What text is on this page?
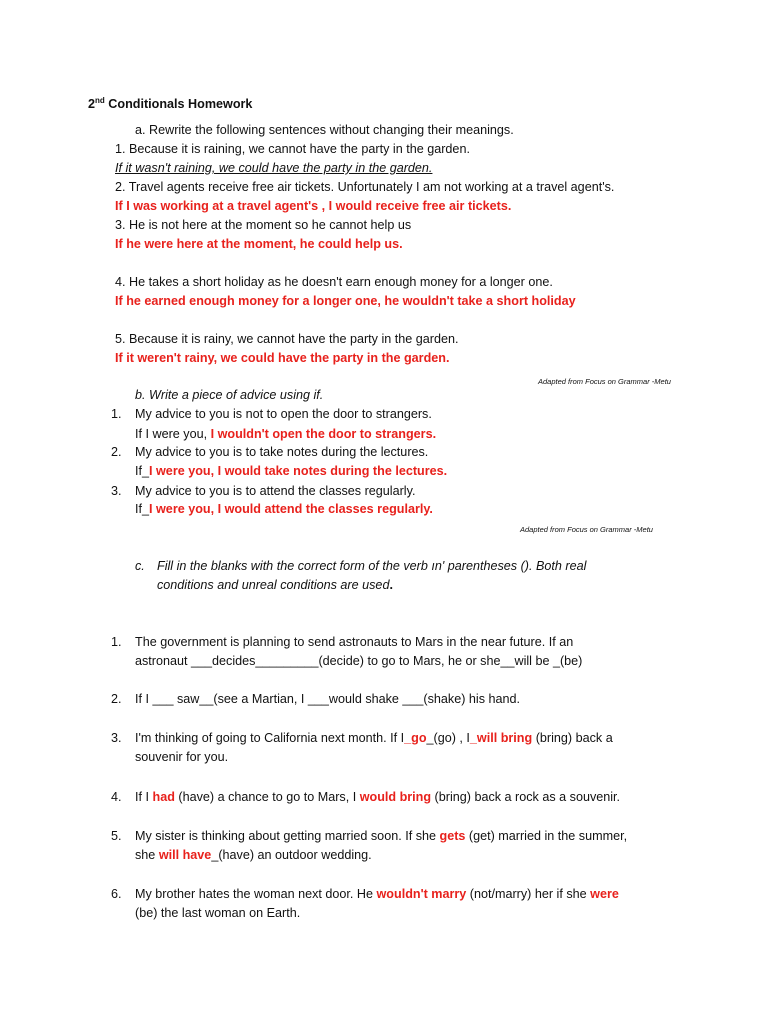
2nd Conditionals Homework
a. Rewrite the following sentences without changing their meanings.
1. Because it is raining, we cannot have the party in the garden.
If it wasn't raining, we could have the party in the garden.
2. Travel agents receive free air tickets. Unfortunately I am not working at a travel agent's.
If I was working at a travel agent's , I would receive free air tickets.
3. He is not here at the moment so he cannot help us
If he were here at the moment, he could help us.
4. He takes a short holiday as he doesn't earn enough money for a longer one.
If he earned enough money for a longer one, he wouldn't take a short holiday
5. Because it is rainy, we cannot have the party in the garden.
If it weren't rainy, we could have the party in the garden.
Adapted from Focus on Grammar -Metu
b. Write a piece of advice using if.
1. My advice to you is not to open the door to strangers.
If I were you, I wouldn't open the door to strangers.
2. My advice to you is to take notes during the lectures.
If_I were you, I would take notes during the lectures.
3. My advice to you is to attend the classes regularly.
If_I were you, I would attend the classes regularly.
Adapted from Focus on Grammar -Metu
c. Fill in the blanks with the correct form of the verb ın' parentheses (). Both real
conditions and unreal conditions are used.
1. The government is planning to send astronauts to Mars in the near future. If an
astronaut ___decides_________(decide) to go to Mars, he or she__will be _(be)
2. If I ___ saw__(see a Martian, I ___would shake ___(shake) his hand.
3. I'm thinking of going to California next month. If I_go_(go) , I_will bring (bring) back a
souvenir for you.
4. If I had (have) a chance to go to Mars, I would bring (bring) back a rock as a souvenir.
5. My sister is thinking about getting married soon. If she gets (get) married in the summer,
she will have_(have) an outdoor wedding.
6. My brother hates the woman next door. He wouldn't marry (not/marry) her if she were
(be) the last woman on Earth.
